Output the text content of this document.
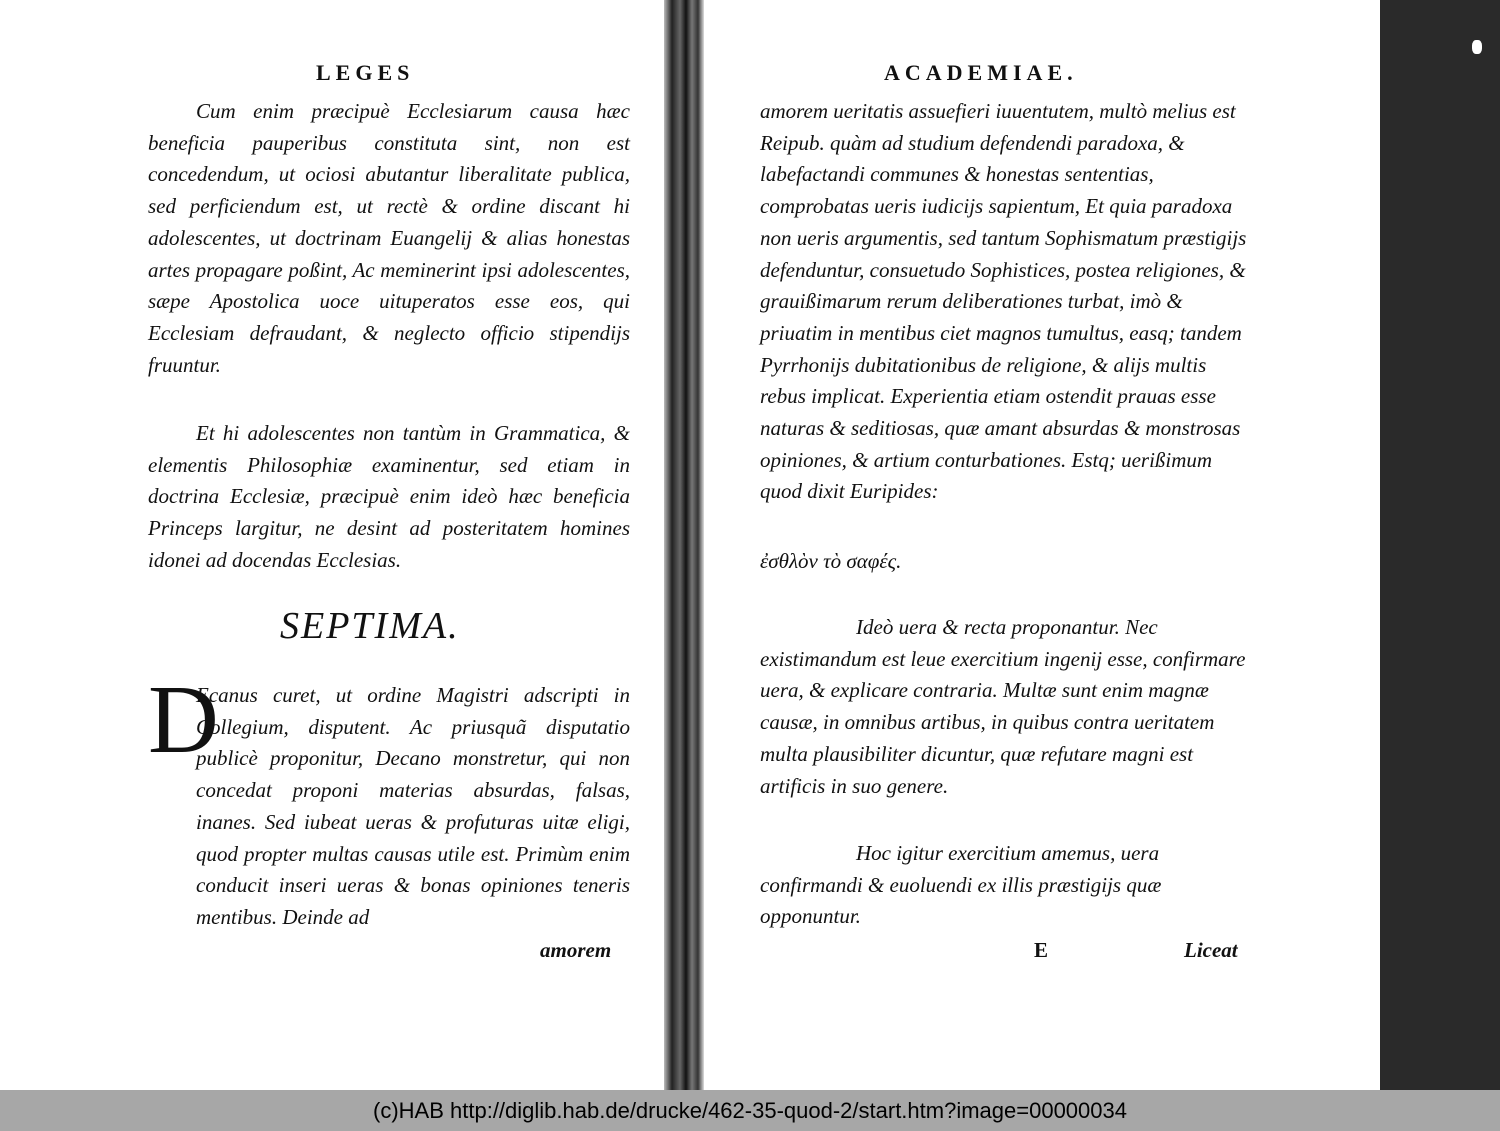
LEGES

Cum enim præcipuè Ecclesiarum causa hæc beneficia pauperibus constituta sint, non est concedendum, ut ociosi abutantur liberalitate publica, sed perficiendum est, ut rectè & ordine discant hi adolescentes, ut doctrinam Euangelij & alias honestas artes propagare poßint, Ac meminerint ipsi adolescentes, sæpe Apostolica uoce uituperatos esse eos, qui Ecclesiam defraudant, & neglecto officio stipendijs fruuntur.

Et hi adolescentes non tantùm in Grammatica, & elementis Philosophiæ examinentur, sed etiam in doctrina Ecclesiæ, præcipuè enim ideò hæc beneficia Princeps largitur, ne desint ad posteritatem homines idonei ad docendas Ecclesias.

SEPTIMA.
D

Ecanus curet, ut ordine Magistri adscripti in Collegium, disputent. Ac priusquã disputatio publicè proponitur, Decano monstretur, qui non concedat proponi materias absurdas, falsas, inanes. Sed iubeat ueras & profuturas uitæ eligi, quod propter multas causas utile est. Primùm enim conducit inseri ueras & bonas opiniones teneris mentibus. Deinde ad

amorem
ACADEMIAE.

amorem ueritatis assuefieri iuuentutem, multò melius est Reipub. quàm ad studium defendendi paradoxa, & labefactandi communes & honestas sententias, comprobatas ueris iudicijs sapientum, Et quia paradoxa non ueris argumentis, sed tantum Sophismatum præstigijs defenduntur, consuetudo Sophistices, postea religiones, & grauißimarum rerum deliberationes turbat, imò & priuatim in mentibus ciet magnos tumultus, easq; tandem Pyrrhonijs dubitationibus de religione, & alijs multis rebus implicat. Experientia etiam ostendit prauas esse naturas & seditiosas, quæ amant absurdas & monstrosas opiniones, & artium conturbationes. Estq; uerißimum quod dixit Euripides:

ἐσθλὸν τὸ σαφές.

Ideò uera & recta proponantur. Nec existimandum est leue exercitium ingenij esse, confirmare uera, & explicare contraria. Multæ sunt enim magnæ causæ, in omnibus artibus, in quibus contra ueritatem multa plausibiliter dicuntur, quæ refutare magni est artificis in suo genere.

Hoc igitur exercitium amemus, uera confirmandi & euoluendi ex illis præstigijs quæ opponuntur.

E	Liceat
(c)HAB http://diglib.hab.de/drucke/462-35-quod-2/start.htm?image=00000034
